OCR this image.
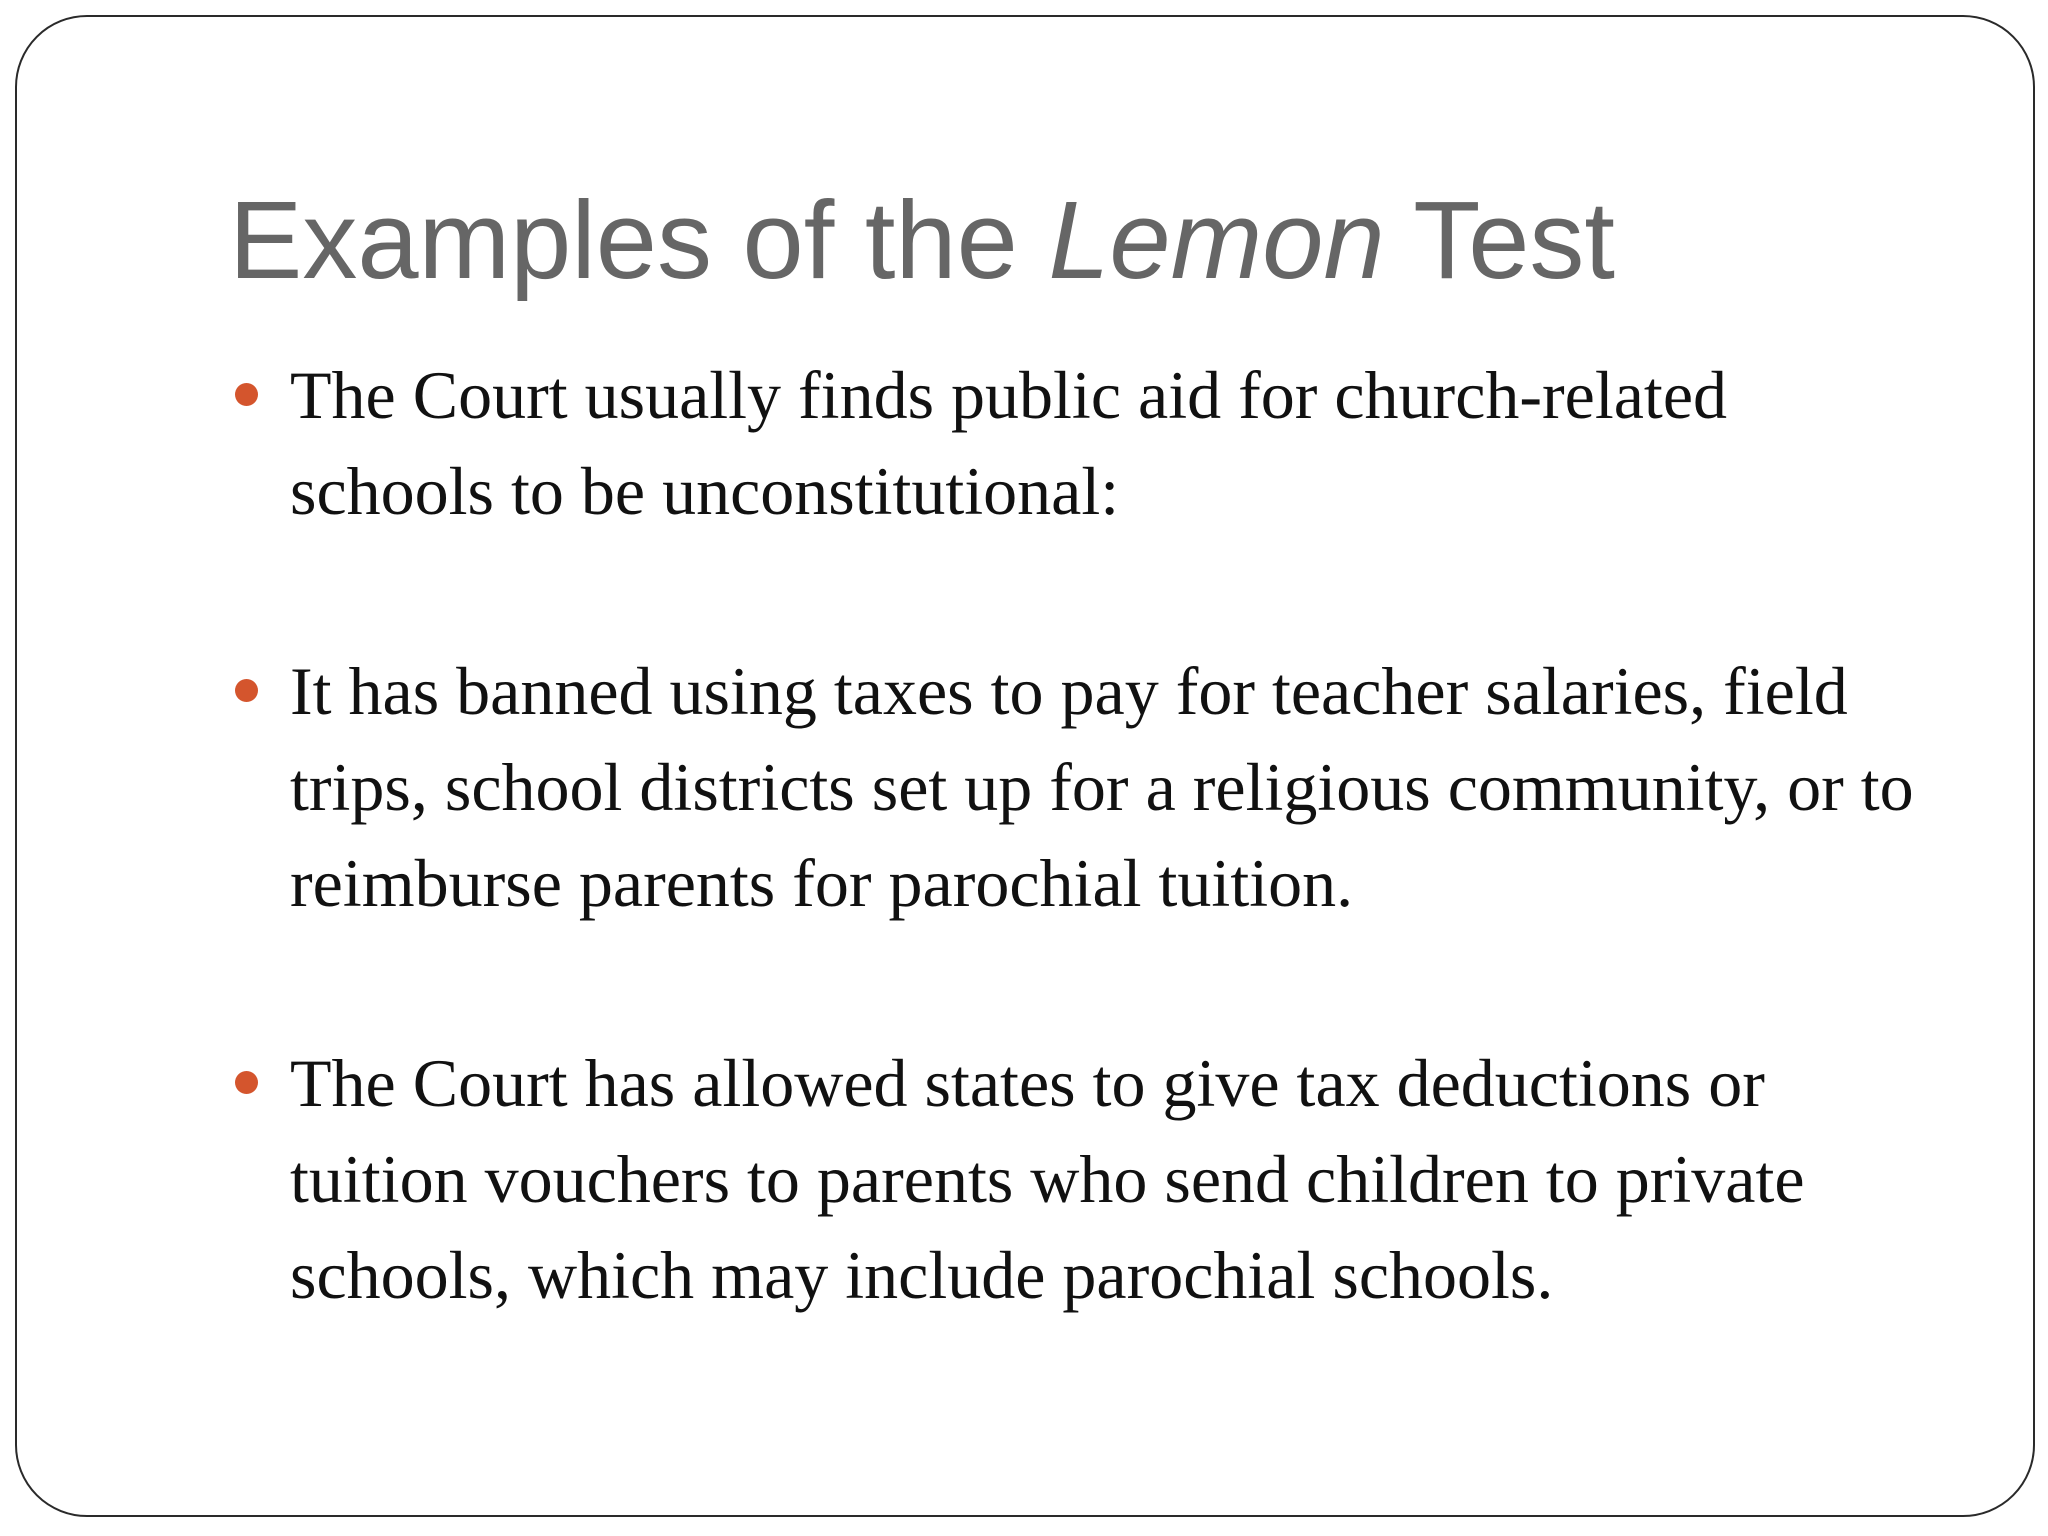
Examples of the Lemon Test
The Court usually finds public aid for church-related schools to be unconstitutional:
It has banned using taxes to pay for teacher salaries, field trips, school districts set up for a religious community, or to reimburse parents for parochial tuition.
The Court has allowed states to give tax deductions or tuition vouchers to parents who send children to private schools, which may include parochial schools.
